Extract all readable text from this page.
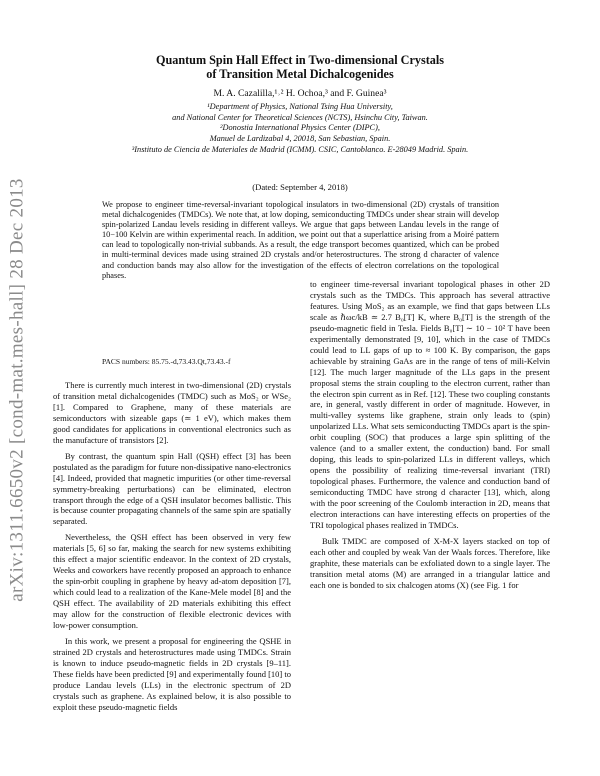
arXiv:1311.6650v2 [cond-mat.mes-hall] 28 Dec 2013
Quantum Spin Hall Effect in Two-dimensional Crystals
of Transition Metal Dichalcogenides
M. A. Cazalilla,¹˒² H. Ochoa,³ and F. Guinea³
¹Department of Physics, National Tsing Hua University,
and National Center for Theoretical Sciences (NCTS), Hsinchu City, Taiwan.
²Donostia International Physics Center (DIPC),
Manuel de Lardizabal 4, 20018, San Sebastian, Spain.
³Instituto de Ciencia de Materiales de Madrid (ICMM). CSIC, Cantoblanco. E-28049 Madrid. Spain.
(Dated: September 4, 2018)
We propose to engineer time-reversal-invariant topological insulators in two-dimensional (2D) crystals of transition metal dichalcogenides (TMDCs). We note that, at low doping, semiconducting TMDCs under shear strain will develop spin-polarized Landau levels residing in different valleys. We argue that gaps between Landau levels in the range of 10−100 Kelvin are within experimental reach. In addition, we point out that a superlattice arising from a Moiré pattern can lead to topologically non-trivial subbands. As a result, the edge transport becomes quantized, which can be probed in multi-terminal devices made using strained 2D crystals and/or heterostructures. The strong d character of valence and conduction bands may also allow for the investigation of the effects of electron correlations on the topological phases.
PACS numbers: 85.75.-d,73.43.Qt,73.43.-f

There is currently much interest in two-dimensional (2D) crystals of transition metal dichalcogenides (TMDC) such as MoS₂ or WSe₂ [1]. Compared to Graphene, many of these materials are semiconductors with sizeable gaps (≃ 1 eV), which makes them good candidates for applications in conventional electronics such as the manufacture of transistors [2].

By contrast, the quantum spin Hall (QSH) effect [3] has been postulated as the paradigm for future non-dissipative nano-electronics [4]. Indeed, provided that magnetic impurities (or other time-reversal symmetry-breaking perturbations) can be eliminated, electron transport through the edge of a QSH insulator becomes ballistic. This is because counter propagating channels of the same spin are spatially separated.

Nevertheless, the QSH effect has been observed in very few materials [5, 6] so far, making the search for new systems exhibiting this effect a major scientific endeavor. In the context of 2D crystals, Weeks and coworkers have recently proposed an approach to enhance the spin-orbit coupling in graphene by heavy ad-atom deposition [7], which could lead to a realization of the Kane-Mele model [8] and the QSH effect. The availability of 2D materials exhibiting this effect may allow for the construction of flexible electronic devices with low-power consumption.

In this work, we present a proposal for engineering the QSHE in strained 2D crystals and heterostructures made using TMDCs. Strain is known to induce pseudo-magnetic fields in 2D crystals [9–11]. These fields have been predicted [9] and experimentally found [10] to produce Landau levels (LLs) in the electronic spectrum of 2D crystals such as graphene. As explained below, it is also possible to exploit these pseudo-magnetic fields

to engineer time-reversal invariant topological phases in other 2D crystals such as the TMDCs. This approach has several attractive features. Using MoS₂ as an example, we find that gaps between LLs scale as ℏωc/kB ≃ 2.7 B₀[T] K, where B₀[T] is the strength of the pseudo-magnetic field in Tesla. Fields B₀[T] ∼ 10 − 10² T have been experimentally demonstrated [9, 10], which in the case of TMDCs could lead to LL gaps of up to ≈ 100 K. By comparison, the gaps achievable by straining GaAs are in the range of tens of mili-Kelvin [12]. The much larger magnitude of the LLs gaps in the present proposal stems the strain coupling to the electron current, rather than the electron spin current as in Ref. [12]. These two coupling constants are, in general, vastly different in order of magnitude. However, in multi-valley systems like graphene, strain only leads to (spin) unpolarized LLs. What sets semiconducting TMDCs apart is the spin-orbit coupling (SOC) that produces a large spin splitting of the valence (and to a smaller extent, the conduction) band. For small doping, this leads to spin-polarized LLs in different valleys, which opens the possibility of realizing time-reversal invariant (TRI) topological phases. Furthermore, the valence and conduction band of semiconducting TMDC have strong d character [13], which, along with the poor screening of the Coulomb interaction in 2D, means that electron interactions can have interesting effects on properties of the TRI topological phases realized in TMDCs.

Bulk TMDC are composed of X-M-X layers stacked on top of each other and coupled by weak Van der Waals forces. Therefore, like graphite, these materials can be exfoliated down to a single layer. The transition metal atoms (M) are arranged in a triangular lattice and each one is bonded to six chalcogen atoms (X) (see Fig. 1 for
